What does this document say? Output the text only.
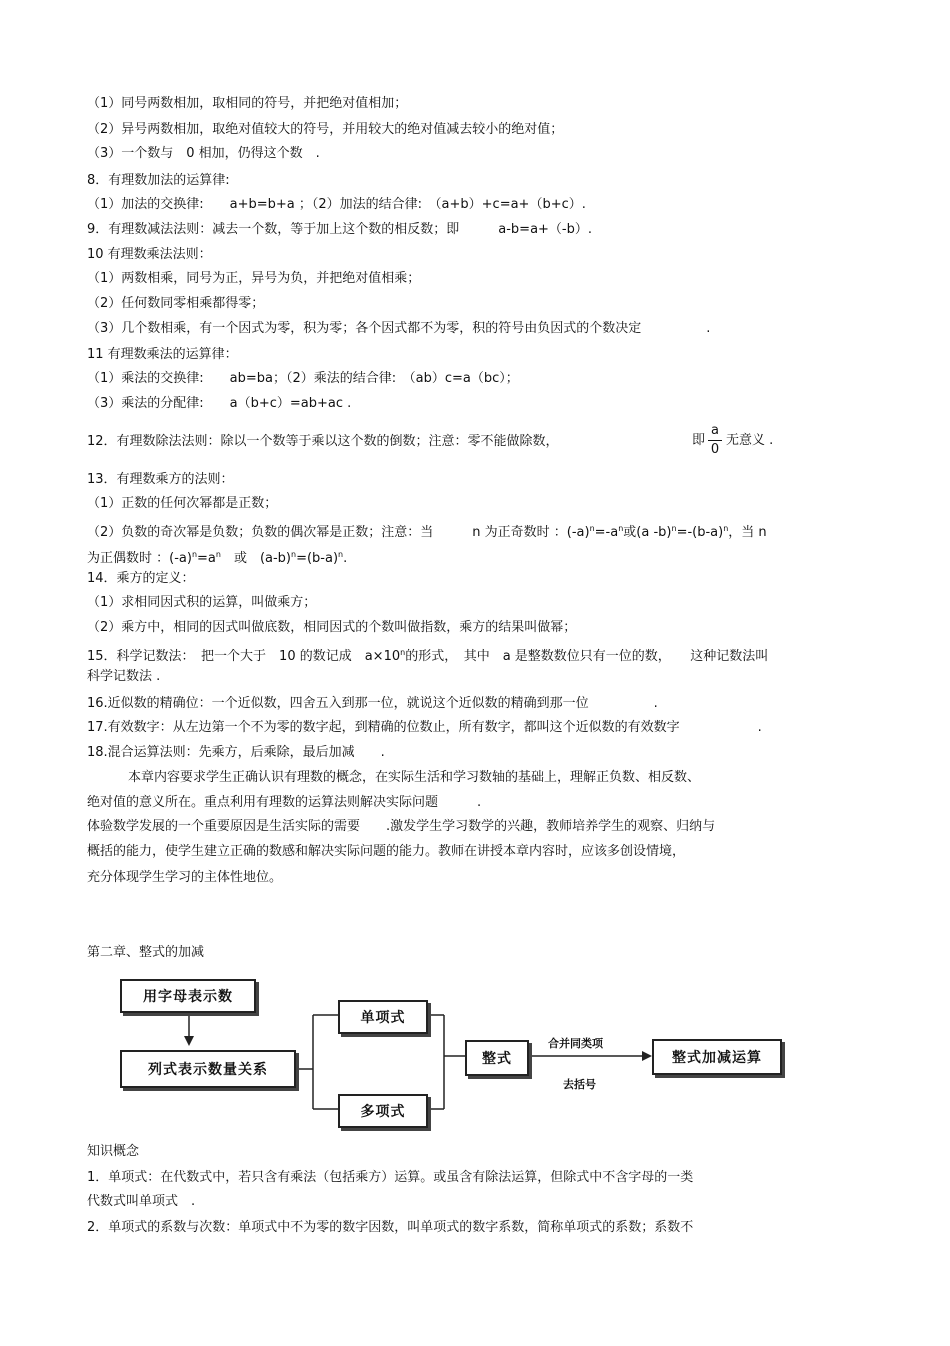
（1）同号两数相加，取相同的符号，并把绝对值相加；
（2）异号两数相加，取绝对值较大的符号，并用较大的绝对值减去较小的绝对值；
（3）一个数与　0 相加，仍得这个数　.
8．有理数加法的运算律:
（1）加法的交换律:　　a+b=b+a ；（2）加法的结合律:　（a+b）+c=a+（b+c）.
9．有理数减法法则：减去一个数，等于加上这个数的相反数；即　　　a-b=a+（-b）.
10 有理数乘法法则：
（1）两数相乘，同号为正，异号为负，并把绝对值相乘；
（2）任何数同零相乘都得零；
（3）几个数相乘，有一个因式为零，积为零；各个因式都不为零，积的符号由负因式的个数决定　　　　　.
11 有理数乘法的运算律：
（1）乘法的交换律:　　ab=ba；（2）乘法的结合律:　（ab）c=a（bc）；
（3）乘法的分配律:　　a（b+c）=ab+ac .
12．有理数除法法则：除以一个数等于乘以这个数的倒数；注意：零不能做除数，	即
a
0
无意义 .
13．有理数乘方的法则：
（1）正数的任何次幂都是正数；
（2）负数的奇次幂是负数；负数的偶次幂是正数；注意：当　　　n 为正奇数时 ：$(-a)^n=-a^n$或(a $-b)^n=-(b-a)^n$，当 n
为正偶数时 ：$(-a)^n=a^n$　或　$(a-b)^n=(b-a)^n$.
14．乘方的定义：
（1）求相同因式积的运算，叫做乘方；
（2）乘方中，相同的因式叫做底数，相同因式的个数叫做指数，乘方的结果叫做幂；
15．科学记数法：　把一个大于　10 的数记成　$a\times 10^n$的形式，　其中　a 是整数数位只有一位的数，　　这种记数法叫
科学记数法 .
16.近似数的精确位：一个近似数，四舍五入到那一位，就说这个近似数的精确到那一位　　　　　.
17.有效数字：从左边第一个不为零的数字起，到精确的位数止，所有数字，都叫这个近似数的有效数字　　　　　　.
18.混合运算法则：先乘方，后乘除，最后加减　　.
本章内容要求学生正确认识有理数的概念，在实际生活和学习数轴的基础上，理解正负数、相反数、
绝对值的意义所在。重点利用有理数的运算法则解决实际问题　　　.
体验数学发展的一个重要原因是生活实际的需要　　.激发学生学习数学的兴趣，教师培养学生的观察、归纳与
概括的能力，使学生建立正确的数感和解决实际问题的能力。教师在讲授本章内容时，应该多创设情境，
充分体现学生学习的主体性地位。
第二章、整式的加减
用字母表示数
列式表示数量关系
单项式
多项式
整式	整式加减运算
合并同类项
去括号
知识概念
1．单项式：在代数式中，若只含有乘法（包括乘方）运算。或虽含有除法运算，但除式中不含字母的一类
代数式叫单项式　.
2．单项式的系数与次数：单项式中不为零的数字因数，叫单项式的数字系数，简称单项式的系数；系数不
